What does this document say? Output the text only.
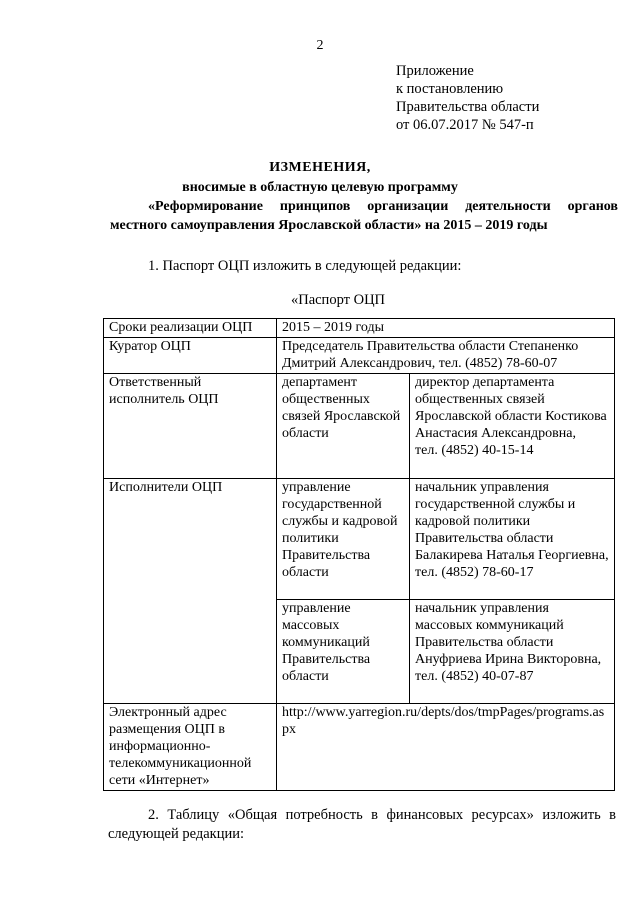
2
Приложение
к постановлению
Правительства области
от 06.07.2017 № 547-п
ИЗМЕНЕНИЯ,
вносимые в областную целевую программу
«Реформирование принципов организации деятельности органов
местного самоуправления Ярославской области» на 2015 – 2019 годы
1. Паспорт ОЦП изложить в следующей редакции:
«Паспорт ОЦП
Сроки реализации ОЦП	2015 – 2019 годы	
Куратор ОЦП	Председатель Правительства области Степаненко Дмитрий Александрович, тел. (4852) 78-60-07	
Ответственный исполнитель ОЦП	департамент общественных связей Ярославской области	директор департамента общественных связей Ярославской области Костикова Анастасия Александровна,
тел. (4852) 40-15-14

Исполнители ОЦП	управление государственной службы и кадровой политики Правительства области	начальник управления государственной службы и кадровой политики Правительства области Балакирева Наталья Георгиевна,
тел. (4852) 78-60-17

	управление массовых коммуникаций Правительства области	начальник управления массовых коммуникаций Правительства области Ануфриева Ирина Викторовна,
тел. (4852) 40-07-87

Электронный адрес размещения ОЦП в информационно-телекоммуникационной сети «Интернет»	http://www.yarregion.ru/depts/dos/tmpPages/programs.aspx	
2. Таблицу «Общая потребность в финансовых ресурсах» изложить в
следующей редакции:
